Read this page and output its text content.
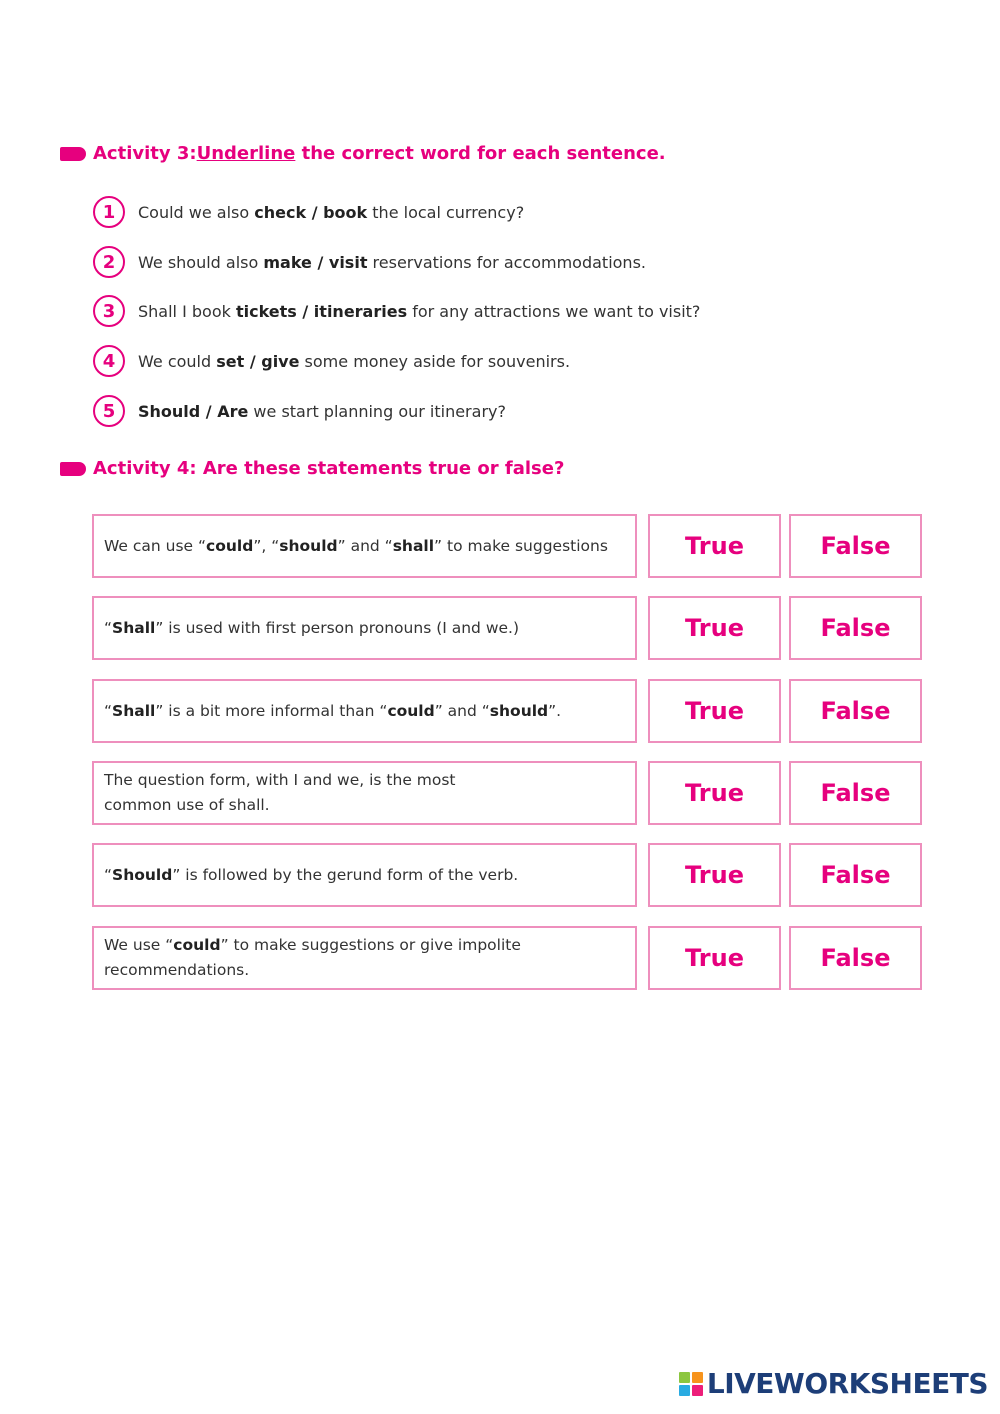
Activity 3: Underline the correct word for each sentence.
1	Could we also check / book the local currency?
2	We should also make / visit reservations for accommodations.
3	Shall I book tickets / itineraries for any attractions we want to visit?
4	We could set / give some money aside for souvenirs.
5	Should / Are we start planning our itinerary?
Activity 4: Are these statements true or false?
We can use “could”, “should” and “shall” to make suggestions	True	False
“Shall” is used with first person pronouns (I and we.)	True	False
“Shall” is a bit more informal than “could” and “should”.	True	False
The question form, with I and we, is the most
common use of shall.	True	False
“Should” is followed by the gerund form of the verb.	True	False
We use “could” to make suggestions or give impolite
recommendations.	True	False
LIVEWORKSHEETS
